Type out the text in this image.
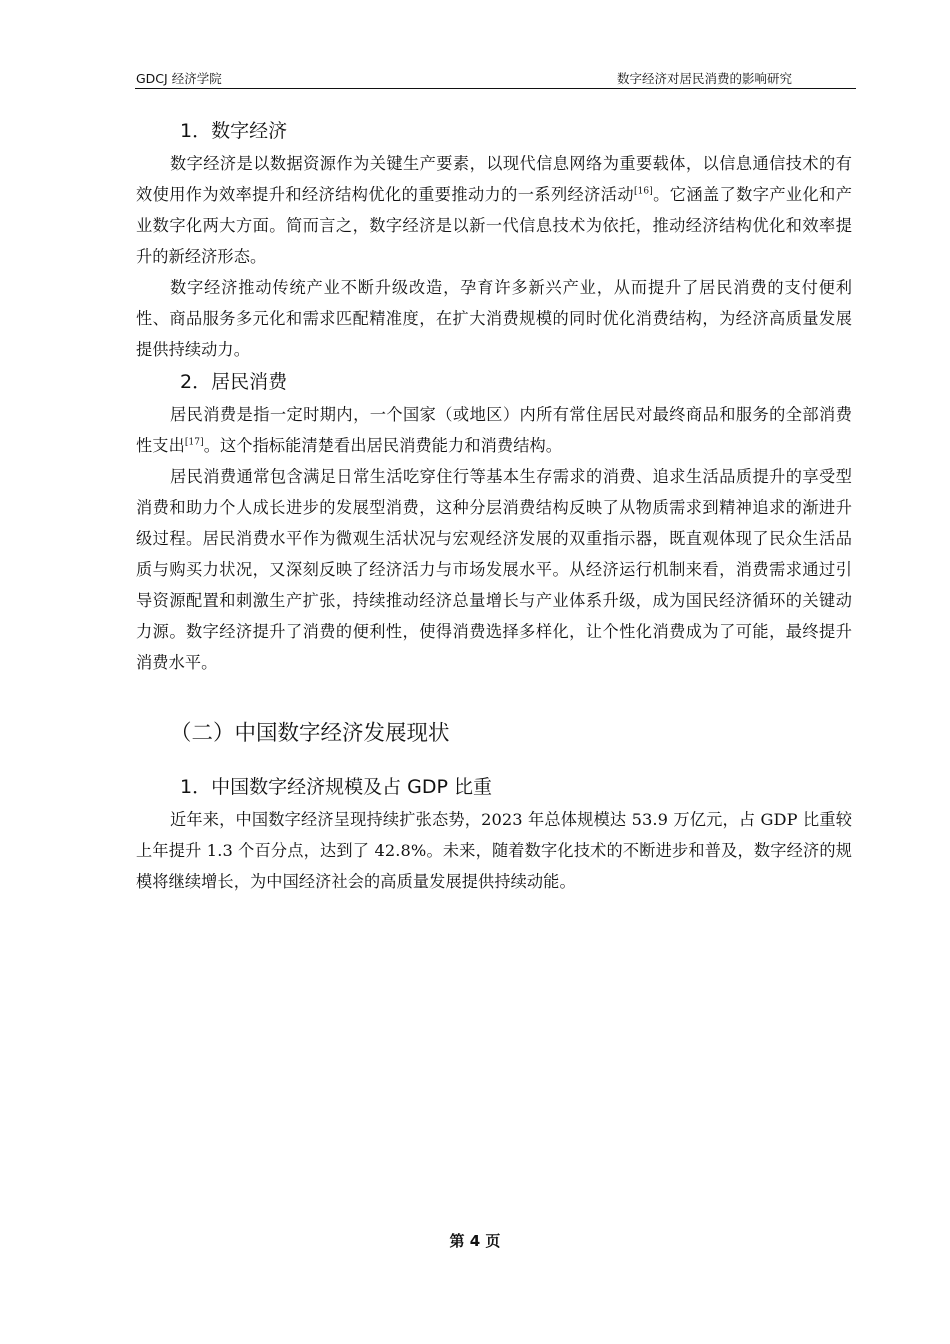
GDCJ 经济学院	数字经济对居民消费的影响研究
1．数字经济

数字经济是以数据资源作为关键生产要素，以现代信息网络为重要载体，以信息通信技术的有效使用作为效率提升和经济结构优化的重要推动力的一系列经济活动[16]。它涵盖了数字产业化和产业数字化两大方面。简而言之，数字经济是以新一代信息技术为依托，推动经济结构优化和效率提升的新经济形态。

数字经济推动传统产业不断升级改造，孕育许多新兴产业，从而提升了居民消费的支付便利性、商品服务多元化和需求匹配精准度，在扩大消费规模的同时优化消费结构，为经济高质量发展提供持续动力。

2．居民消费

居民消费是指一定时期内，一个国家（或地区）内所有常住居民对最终商品和服务的全部消费性支出[17]。这个指标能清楚看出居民消费能力和消费结构。

居民消费通常包含满足日常生活吃穿住行等基本生存需求的消费、追求生活品质提升的享受型消费和助力个人成长进步的发展型消费，这种分层消费结构反映了从物质需求到精神追求的渐进升级过程。居民消费水平作为微观生活状况与宏观经济发展的双重指示器，既直观体现了民众生活品质与购买力状况，又深刻反映了经济活力与市场发展水平。从经济运行机制来看，消费需求通过引导资源配置和刺激生产扩张，持续推动经济总量增长与产业体系升级，成为国民经济循环的关键动力源。数字经济提升了消费的便利性，使得消费选择多样化，让个性化消费成为了可能，最终提升消费水平。

（二）中国数字经济发展现状
1．中国数字经济规模及占 GDP 比重

近年来，中国数字经济呈现持续扩张态势，2023 年总体规模达 53.9 万亿元，占 GDP 比重较上年提升 1.3 个百分点，达到了 42.8%。未来，随着数字化技术的不断进步和普及，数字经济的规模将继续增长，为中国经济社会的高质量发展提供持续动能。

第 4 页
